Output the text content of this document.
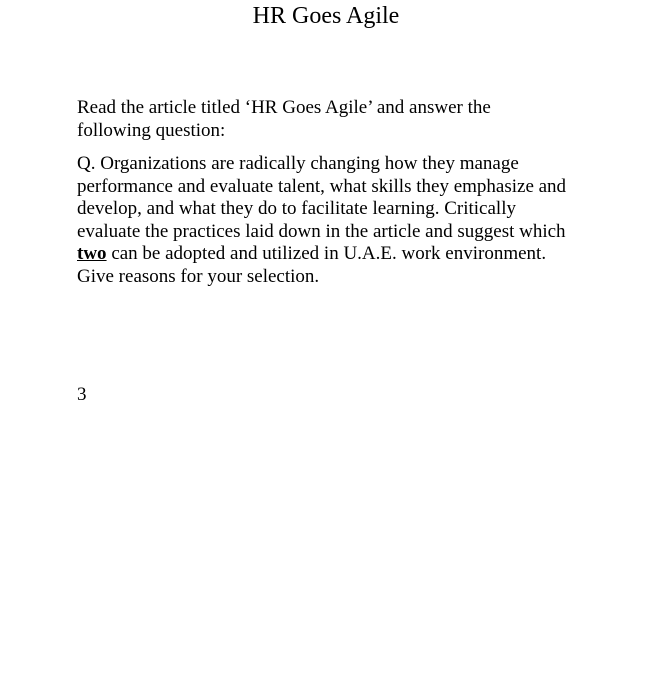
HR Goes Agile
Read the article titled ‘HR Goes Agile’ and answer the
following question:
Q. Organizations are radically changing how they manage
performance and evaluate talent, what skills they emphasize and
develop, and what they do to facilitate learning. Critically
evaluate the practices laid down in the article and suggest which
two can be adopted and utilized in U.A.E. work environment.
Give reasons for your selection.
3
